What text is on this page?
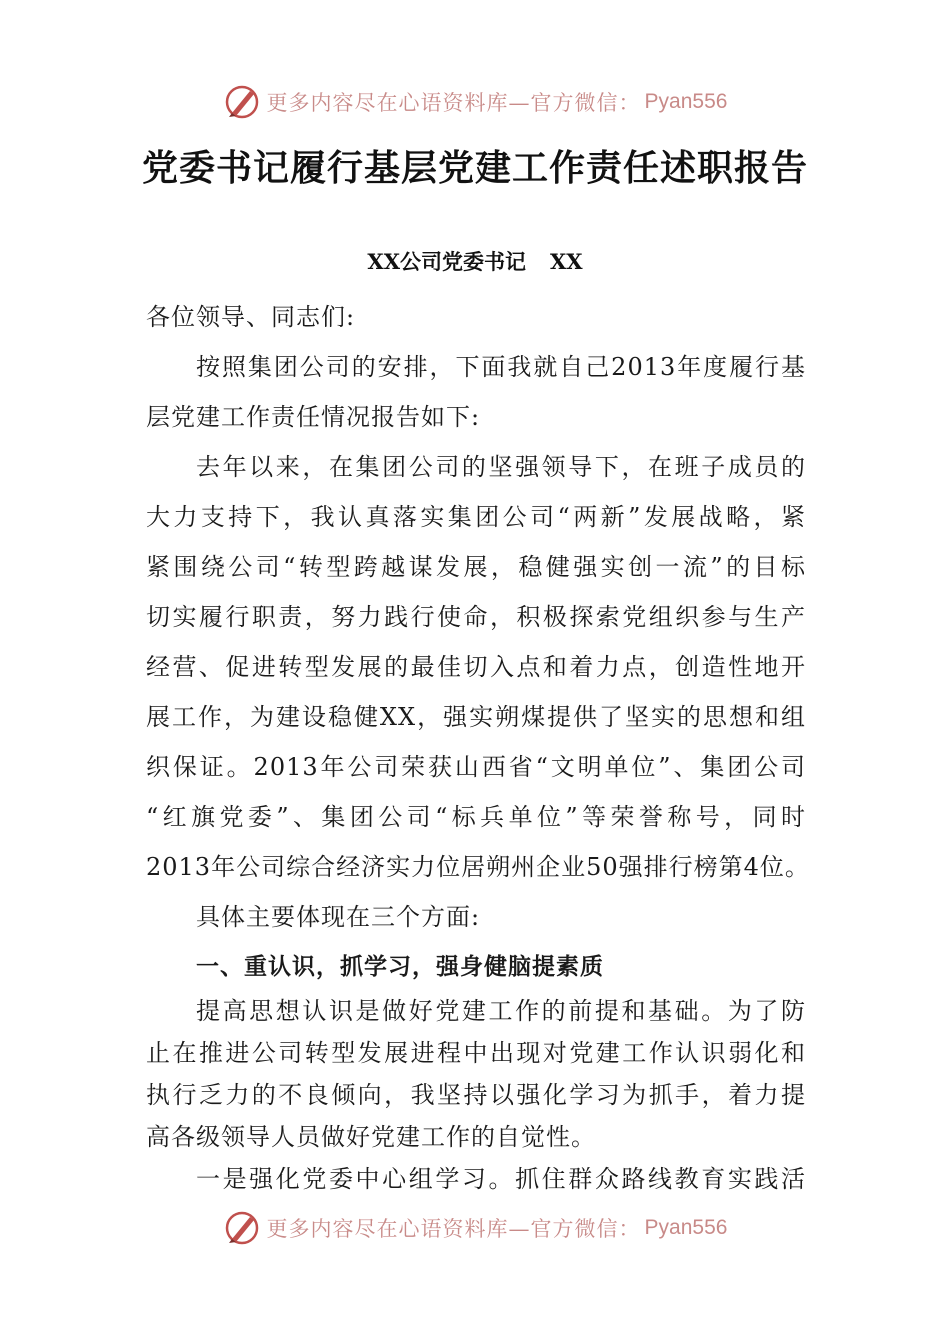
更多内容尽在心语资料库—官方微信： Pyan556
党委书记履行基层党建工作责任述职报告
XX公司党委书记 XX
各位领导、同志们:
按照集团公司的安排，下面我就自己2013年度履行基
层党建工作责任情况报告如下:
去年以来，在集团公司的坚强领导下，在班子成员的
大力支持下，我认真落实集团公司“两新”发展战略，紧
紧围绕公司“转型跨越谋发展，稳健强实创一流”的目标
切实履行职责，努力践行使命，积极探索党组织参与生产
经营、促进转型发展的最佳切入点和着力点，创造性地开
展工作，为建设稳健XX，强实朔煤提供了坚实的思想和组
织保证。2013年公司荣获山西省“文明单位”、集团公司
“红旗党委”、集团公司“标兵单位”等荣誉称号，同时
2013年公司综合经济实力位居朔州企业50强排行榜第4位。
具体主要体现在三个方面:
一、重认识，抓学习，强身健脑提素质
提高思想认识是做好党建工作的前提和基础。为了防
止在推进公司转型发展进程中出现对党建工作认识弱化和
执行乏力的不良倾向，我坚持以强化学习为抓手，着力提
高各级领导人员做好党建工作的自觉性。
一是强化党委中心组学习。抓住群众路线教育实践活
更多内容尽在心语资料库—官方微信： Pyan556
